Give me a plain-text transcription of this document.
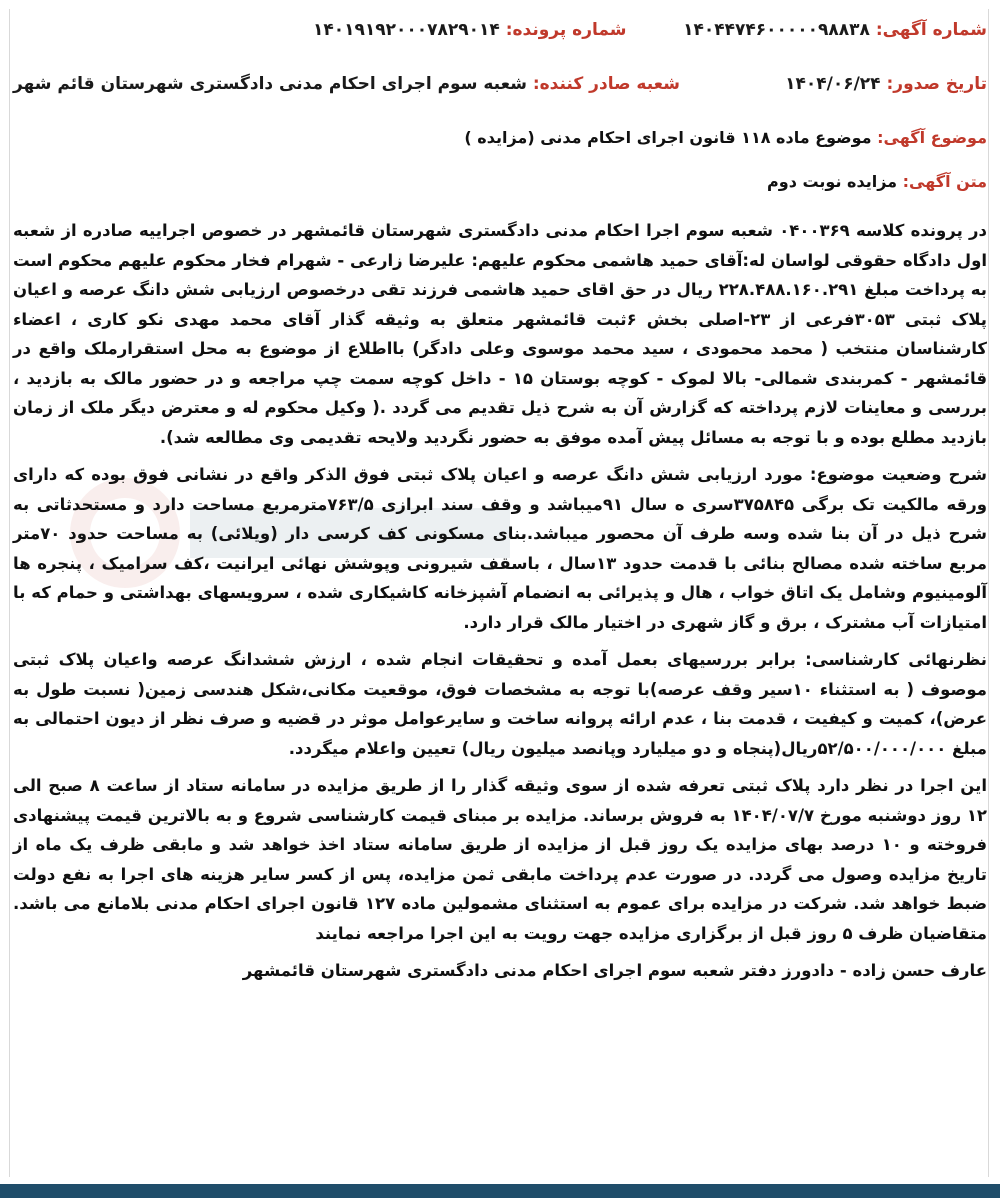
شماره آگهی: ۱۴۰۴۴۷۴۶۰۰۰۰۰۹۸۸۳۸
شماره پرونده: ۱۴۰۱۹۱۹۲۰۰۰۷۸۲۹۰۱۴
تاریخ صدور: ۱۴۰۴/۰۶/۲۴
شعبه صادر کننده: شعبه سوم اجرای احکام مدنی دادگستری شهرستان قائم شهر
موضوع آگهی: موضوع ماده ۱۱۸ قانون اجرای احکام مدنی (مزایده )
متن آگهی: مزایده نوبت دوم

در پرونده کلاسه ۰۴۰۰۳۶۹ شعبه سوم اجرا احکام مدنی دادگستری شهرستان قائمشهر در خصوص اجراییه صادره از شعبه اول دادگاه حقوقی لواسان له:آقای حمید هاشمی محکوم علیهم: علیرضا زارعی - شهرام فخار محکوم علیهم محکوم است به پرداخت مبلغ ۲۲۸.۴۸۸.۱۶۰.۲۹۱ ریال در حق اقای حمید هاشمی فرزند تقی درخصوص ارزیابی شش دانگ عرصه و اعیان پلاک ثبتی ۳۰۵۳فرعی از ۲۳-اصلی بخش ۶ثبت قائمشهر متعلق به وثیقه گذار آقای محمد مهدی نکو کاری ، اعضاء کارشناسان منتخب ( محمد محمودی ، سید محمد موسوی وعلی دادگر) بااطلاع از موضوع به محل استقرارملک واقع در قائمشهر - کمربندی شمالی- بالا لموک - کوچه بوستان ۱۵ - داخل کوچه سمت چپ مراجعه و در حضور مالک به بازدید ، بررسی و معاینات لازم پرداخته که گزارش آن به شرح ذیل تقدیم می گردد .( وکیل محکوم له و معترض دیگر ملک از زمان بازدید مطلع بوده و با توجه به مسائل پیش آمده موفق به حضور نگردید ولایحه تقدیمی وی مطالعه شد).

شرح وضعیت موضوع: مورد ارزیابی شش دانگ عرصه و اعیان پلاک ثبتی فوق الذکر واقع در نشانی فوق بوده که دارای ورقه مالکیت تک برگی ۳۷۵۸۴۵سری ه سال ۹۱میباشد و وقف سند ابرازی ۷۶۳/۵مترمربع مساحت دارد و مستحدثاتی به شرح ذیل در آن بنا شده وسه طرف آن محصور میباشد.بنای مسکونی کف کرسی دار (ویلائی) به مساحت حدود ۷۰متر مربع ساخته شده مصالح بنائی با قدمت حدود ۱۳سال ، باسقف شیرونی وپوشش نهائی ایرانیت ،کف سرامیک ، پنجره ها آلومینیوم وشامل یک اتاق خواب ، هال و پذیرائی به انضمام آشپزخانه کاشیکاری شده ، سرویسهای بهداشتی و حمام که با امتیازات آب مشترک ، برق و گاز شهری در اختیار مالک قرار دارد.

نظرنهائی کارشناسی: برابر بررسیهای بعمل آمده و تحقیقات انجام شده ، ارزش ششدانگ عرصه واعیان پلاک ثبتی موصوف ( به استثناء ۱۰سیر وقف عرصه)با توجه به مشخصات فوق، موقعیت مکانی،شکل هندسی زمین( نسبت طول به عرض)، کمیت و کیفیت ، قدمت بنا ، عدم ارائه پروانه ساخت و سایرعوامل موثر در قضیه و صرف نظر از دیون احتمالی به مبلغ ۵۲/۵۰۰/۰۰۰/۰۰۰ریال(پنجاه و دو میلیارد وپانصد میلیون ریال) تعیین واعلام میگردد.

این اجرا در نظر دارد پلاک ثبتی تعرفه شده از سوی وثیقه گذار را از طریق مزایده در سامانه ستاد از ساعت ۸ صبح الی ۱۲ روز دوشنبه مورخ ۱۴۰۴/۰۷/۷ به فروش برساند. مزایده بر مبنای قیمت کارشناسی شروع و به بالاترین قیمت پیشنهادی فروخته و ۱۰ درصد بهای مزایده یک روز قبل از مزایده از طریق سامانه ستاد اخذ خواهد شد و مابقی ظرف یک ماه از تاریخ مزایده وصول می گردد. در صورت عدم پرداخت مابقی ثمن مزایده، پس از کسر سایر هزینه های اجرا به نفع دولت ضبط خواهد شد. شرکت در مزایده برای عموم به استثنای مشمولین ماده ۱۲۷ قانون اجرای احکام مدنی بلامانع می باشد. متقاضیان ظرف ۵ روز قبل از برگزاری مزایده جهت رویت به این اجرا مراجعه نمایند

عارف حسن زاده - دادورز دفتر شعبه سوم اجرای احکام مدنی دادگستری شهرستان قائمشهر
